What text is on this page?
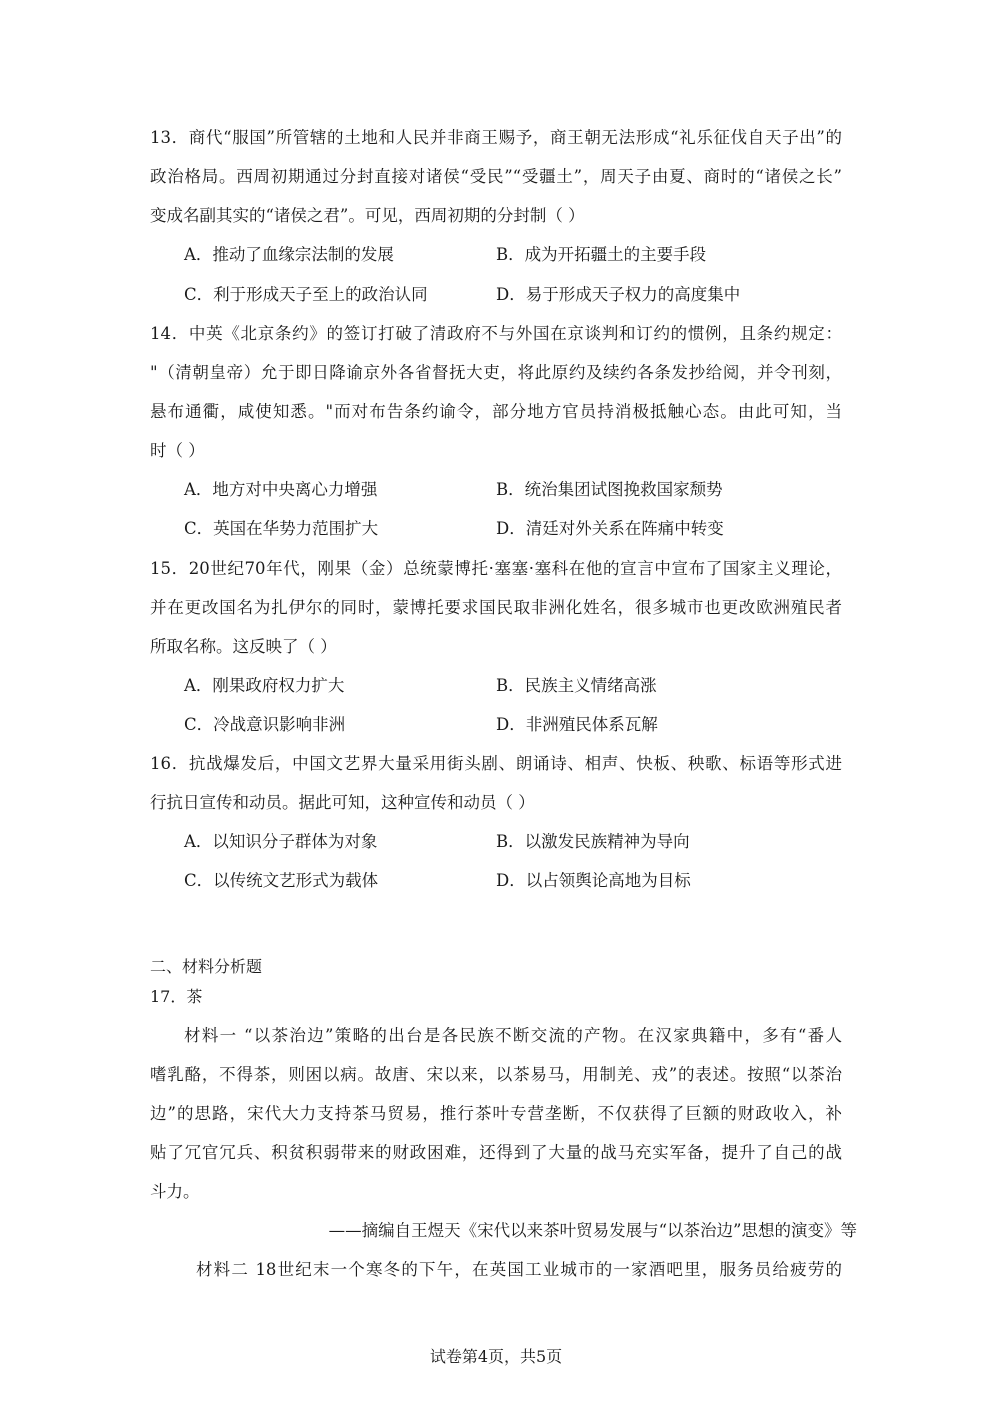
13．商代“服国”所管辖的土地和人民并非商王赐予，商王朝无法形成“礼乐征伐自天子出”的
政治格局。西周初期通过分封直接对诸侯“受民”“受疆土”，周天子由夏、商时的“诸侯之长”
变成名副其实的“诸侯之君”。可见，西周初期的分封制（ ）
A．推动了血缘宗法制的发展	B．成为开拓疆土的主要手段
C．利于形成天子至上的政治认同	D．易于形成天子权力的高度集中
14．中英《北京条约》的签订打破了清政府不与外国在京谈判和订约的惯例，且条约规定：
"（清朝皇帝）允于即日降谕京外各省督抚大吏，将此原约及续约各条发抄给阅，并令刊刻，
悬布通衢，咸使知悉。"而对布告条约谕令，部分地方官员持消极抵触心态。由此可知，当
时（ ）
A．地方对中央离心力增强	B．统治集团试图挽救国家颓势
C．英国在华势力范围扩大	D．清廷对外关系在阵痛中转变
15．20世纪70年代，刚果（金）总统蒙博托·塞塞·塞科在他的宣言中宣布了国家主义理论，
并在更改国名为扎伊尔的同时，蒙博托要求国民取非洲化姓名，很多城市也更改欧洲殖民者
所取名称。这反映了（ ）
A．刚果政府权力扩大	B．民族主义情绪高涨
C．冷战意识影响非洲	D．非洲殖民体系瓦解
16．抗战爆发后，中国文艺界大量采用街头剧、朗诵诗、相声、快板、秧歌、标语等形式进
行抗日宣传和动员。据此可知，这种宣传和动员（ ）
A．以知识分子群体为对象	B．以激发民族精神为导向
C．以传统文艺形式为载体	D．以占领舆论高地为目标
二、材料分析题
17．茶
材料一 “以茶治边”策略的出台是各民族不断交流的产物。在汉家典籍中，多有“番人
嗜乳酪，不得茶，则困以病。故唐、宋以来，以茶易马，用制羌、戎”的表述。按照“以茶治
边”的思路，宋代大力支持茶马贸易，推行茶叶专营垄断，不仅获得了巨额的财政收入，补
贴了冗官冗兵、积贫积弱带来的财政困难，还得到了大量的战马充实军备，提升了自己的战
斗力。
——摘编自王煜天《宋代以来茶叶贸易发展与“以茶治边”思想的演变》等
材料二 18世纪末一个寒冬的下午，在英国工业城市的一家酒吧里，服务员给疲劳的
试卷第4页，共5页
